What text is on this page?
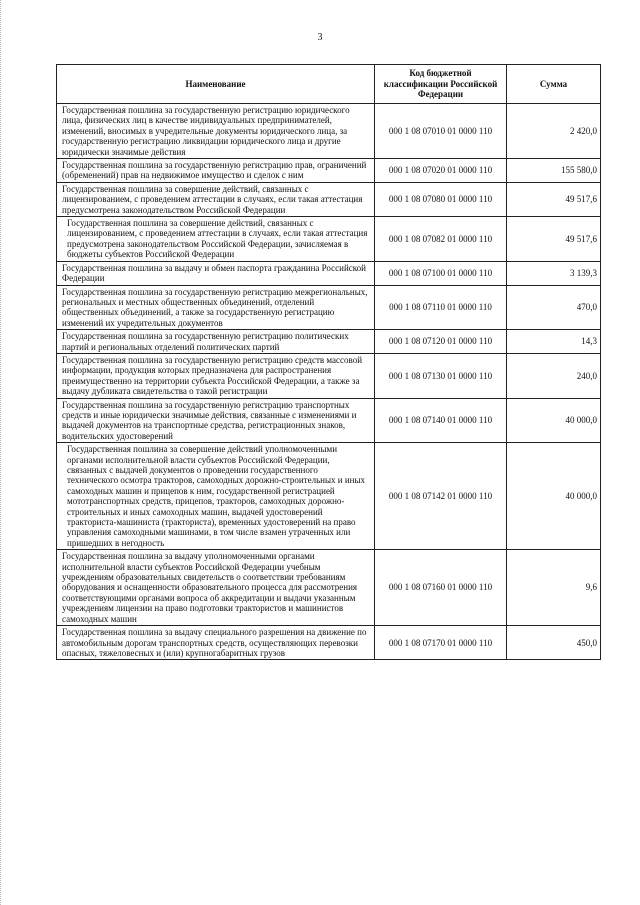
3
Наименование	Код бюджетной классификации Российской Федерации	Сумма
Государственная пошлина за государственную регистрацию юридического лица, физических лиц в качестве индивидуальных предпринимателей, изменений, вносимых в учредительные документы юридического лица, за государственную регистрацию ликвидации юридического лица и другие юридически значимые действия	000 1 08 07010 01 0000 110	2 420,0
Государственная пошлина за государственную регистрацию прав, ограничений (обременений) прав на недвижимое имущество и сделок с ним	000 1 08 07020 01 0000 110	155 580,0
Государственная пошлина за совершение действий, связанных с лицензированием, с проведением аттестации в случаях, если такая аттестация предусмотрена законодательством Российской Федерации	000 1 08 07080 01 0000 110	49 517,6
Государственная пошлина за совершение действий, связанных с лицензированием, с проведением аттестации в случаях, если такая аттестация предусмотрена законодательством Российской Федерации, зачисляемая в бюджеты субъектов Российской Федерации	000 1 08 07082 01 0000 110	49 517,6
Государственная пошлина за выдачу и обмен паспорта гражданина Российской Федерации	000 1 08 07100 01 0000 110	3 139,3
Государственная пошлина за государственную регистрацию межрегиональных, региональных и местных общественных объединений, отделений общественных объединений, а также за государственную регистрацию изменений их учредительных документов	000 1 08 07110 01 0000 110	470,0
Государственная пошлина за государственную регистрацию политических партий и региональных отделений политических партий	000 1 08 07120 01 0000 110	14,3
Государственная пошлина за государственную регистрацию средств массовой информации, продукция которых предназначена для распространения преимущественно на территории субъекта Российской Федерации, а также за выдачу дубликата свидетельства о такой регистрации	000 1 08 07130 01 0000 110	240,0
Государственная пошлина за государственную регистрацию транспортных средств и иные юридически значимые действия, связанные с изменениями и выдачей документов на транспортные средства, регистрационных знаков, водительских удостоверений	000 1 08 07140 01 0000 110	40 000,0
Государственная пошлина за совершение действий уполномоченными органами исполнительной власти субъектов Российской Федерации, связанных с выдачей документов о проведении государственного технического осмотра тракторов, самоходных дорожно-строительных и иных самоходных машин и прицепов к ним, государственной регистрацией мототранспортных средств, прицепов, тракторов, самоходных дорожно-строительных и иных самоходных машин, выдачей удостоверений тракториста-машиниста (тракториста), временных удостоверений на право управления самоходными машинами, в том числе взамен утраченных или пришедших в негодность	000 1 08 07142 01 0000 110	40 000,0
Государственная пошлина за выдачу уполномоченными органами исполнительной власти субъектов Российской Федерации учебным учреждениям образовательных свидетельств о соответствии требованиям оборудования и оснащенности образовательного процесса для рассмотрения соответствующими органами вопроса об аккредитации и выдачи указанным учреждениям лицензии на право подготовки трактористов и машинистов самоходных машин	000 1 08 07160 01 0000 110	9,6
Государственная пошлина за выдачу специального разрешения на движение по автомобильным дорогам транспортных средств, осуществляющих перевозки опасных, тяжеловесных и (или) крупногабаритных грузов	000 1 08 07170 01 0000 110	450,0
